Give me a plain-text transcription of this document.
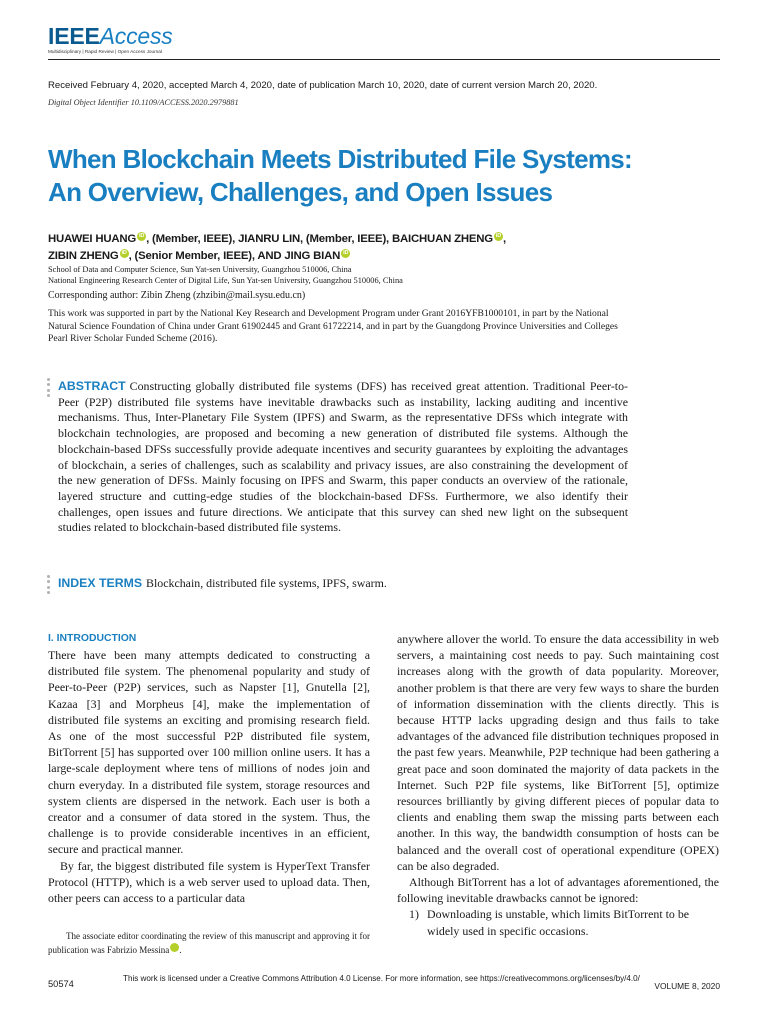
IEEEAccess
Multidisciplinary | Rapid Review | Open Access Journal
Received February 4, 2020, accepted March 4, 2020, date of publication March 10, 2020, date of current version March 20, 2020.
Digital Object Identifier 10.1109/ACCESS.2020.2979881
When Blockchain Meets Distributed File Systems:
An Overview, Challenges, and Open Issues
HUAWEI HUANG iD , (Member, IEEE), JIANRU LIN, (Member, IEEE), BAICHUAN ZHENG iD ,
ZIBIN ZHENG iD , (Senior Member, IEEE), AND JING BIAN iD
School of Data and Computer Science, Sun Yat-sen University, Guangzhou 510006, China
National Engineering Research Center of Digital Life, Sun Yat-sen University, Guangzhou 510006, China
Corresponding author: Zibin Zheng (zhzibin@mail.sysu.edu.cn)
This work was supported in part by the National Key Research and Development Program under Grant 2016YFB1000101, in part by the National Natural Science Foundation of China under Grant 61902445 and Grant 61722214, and in part by the Guangdong Province Universities and Colleges Pearl River Scholar Funded Scheme (2016).
ABSTRACT Constructing globally distributed file systems (DFS) has received great attention. Traditional Peer-to-Peer (P2P) distributed file systems have inevitable drawbacks such as instability, lacking auditing and incentive mechanisms. Thus, Inter-Planetary File System (IPFS) and Swarm, as the representative DFSs which integrate with blockchain technologies, are proposed and becoming a new generation of distributed file systems. Although the blockchain-based DFSs successfully provide adequate incentives and security guarantees by exploiting the advantages of blockchain, a series of challenges, such as scalability and privacy issues, are also constraining the development of the new generation of DFSs. Mainly focusing on IPFS and Swarm, this paper conducts an overview of the rationale, layered structure and cutting-edge studies of the blockchain-based DFSs. Furthermore, we also identify their challenges, open issues and future directions. We anticipate that this survey can shed new light on the subsequent studies related to blockchain-based distributed file systems.
INDEX TERMS Blockchain, distributed file systems, IPFS, swarm.
I. INTRODUCTION

There have been many attempts dedicated to constructing a distributed file system. The phenomenal popularity and study of Peer-to-Peer (P2P) services, such as Napster [1], Gnutella [2], Kazaa [3] and Morpheus [4], make the implementation of distributed file systems an exciting and promising research field. As one of the most successful P2P distributed file system, BitTorrent [5] has supported over 100 million online users. It has a large-scale deployment where tens of millions of nodes join and churn everyday. In a distributed file system, storage resources and system clients are dispersed in the network. Each user is both a creator and a consumer of data stored in the system. Thus, the challenge is to provide considerable incentives in an efficient, secure and practical manner.

By far, the biggest distributed file system is HyperText Transfer Protocol (HTTP), which is a web server used to upload data. Then, other peers can access to a particular data

anywhere allover the world. To ensure the data accessibility in web servers, a maintaining cost needs to pay. Such maintaining cost increases along with the growth of data popularity. Moreover, another problem is that there are very few ways to share the burden of information dissemination with the clients directly. This is because HTTP lacks upgrading design and thus fails to take advantages of the advanced file distribution techniques proposed in the past few years. Meanwhile, P2P technique had been gathering a great pace and soon dominated the majority of data packets in the Internet. Such P2P file systems, like BitTorrent [5], optimize resources brilliantly by giving different pieces of popular data to clients and enabling them swap the missing parts between each another. In this way, the bandwidth consumption of hosts can be balanced and the overall cost of operational expenditure (OPEX) can be also degraded.

Although BitTorrent has a lot of advantages aforementioned, the following inevitable drawbacks cannot be ignored:

1) Downloading is unstable, which limits BitTorrent to be widely used in specific occasions.
The associate editor coordinating the review of this manuscript and approving it for publication was Fabrizio Messina	iD.
50574
This work is licensed under a Creative Commons Attribution 4.0 License. For more information, see https://creativecommons.org/licenses/by/4.0/
VOLUME 8, 2020
